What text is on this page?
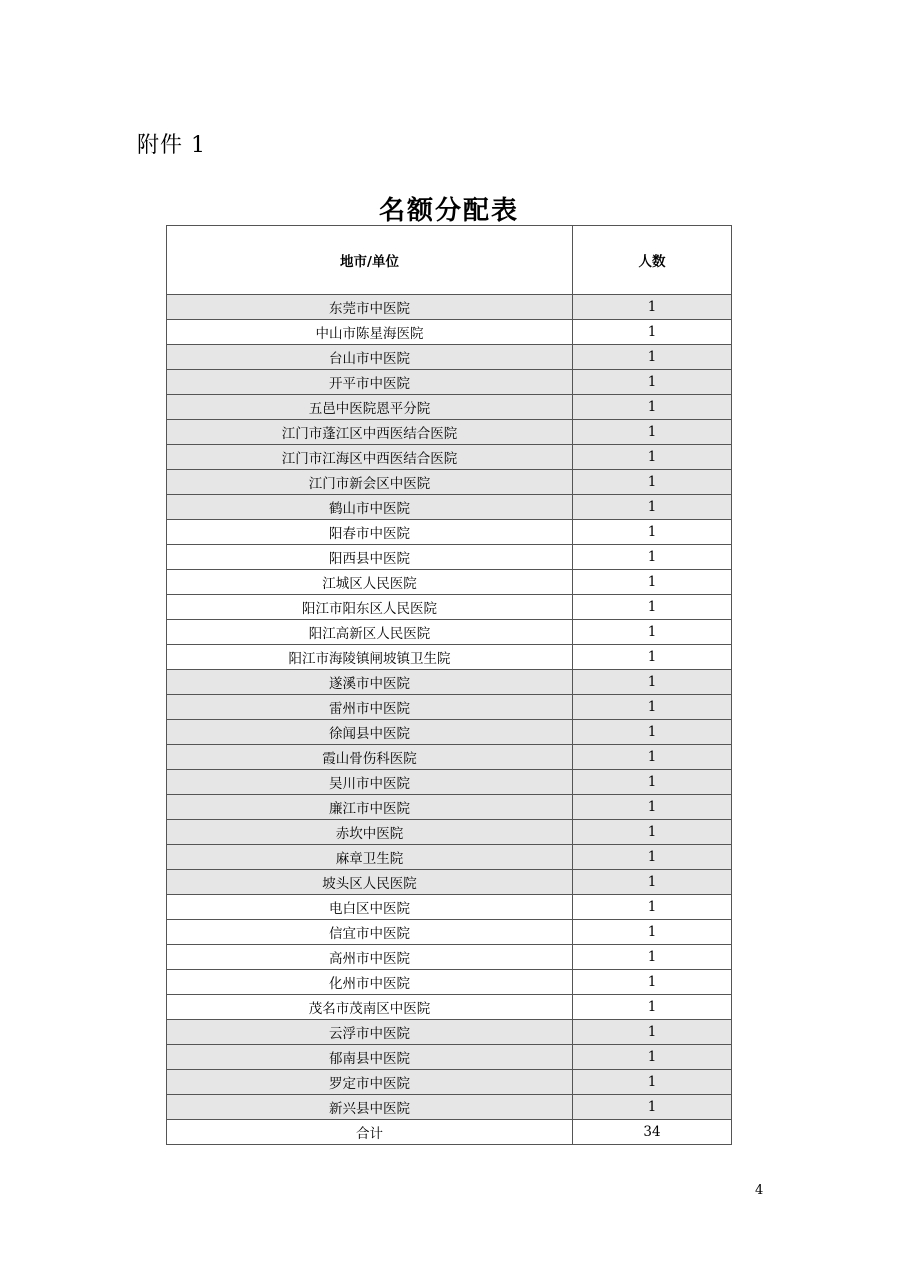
附件 1
名额分配表
地市/单位	人数
东莞市中医院	1
中山市陈星海医院	1
台山市中医院	1
开平市中医院	1
五邑中医院恩平分院	1
江门市蓬江区中西医结合医院	1
江门市江海区中西医结合医院	1
江门市新会区中医院	1
鹤山市中医院	1
阳春市中医院	1
阳西县中医院	1
江城区人民医院	1
阳江市阳东区人民医院	1
阳江高新区人民医院	1
阳江市海陵镇闸坡镇卫生院	1
遂溪市中医院	1
雷州市中医院	1
徐闻县中医院	1
霞山骨伤科医院	1
吴川市中医院	1
廉江市中医院	1
赤坎中医院	1
麻章卫生院	1
坡头区人民医院	1
电白区中医院	1
信宜市中医院	1
高州市中医院	1
化州市中医院	1
茂名市茂南区中医院	1
云浮市中医院	1
郁南县中医院	1
罗定市中医院	1
新兴县中医院	1
合计	34
4
